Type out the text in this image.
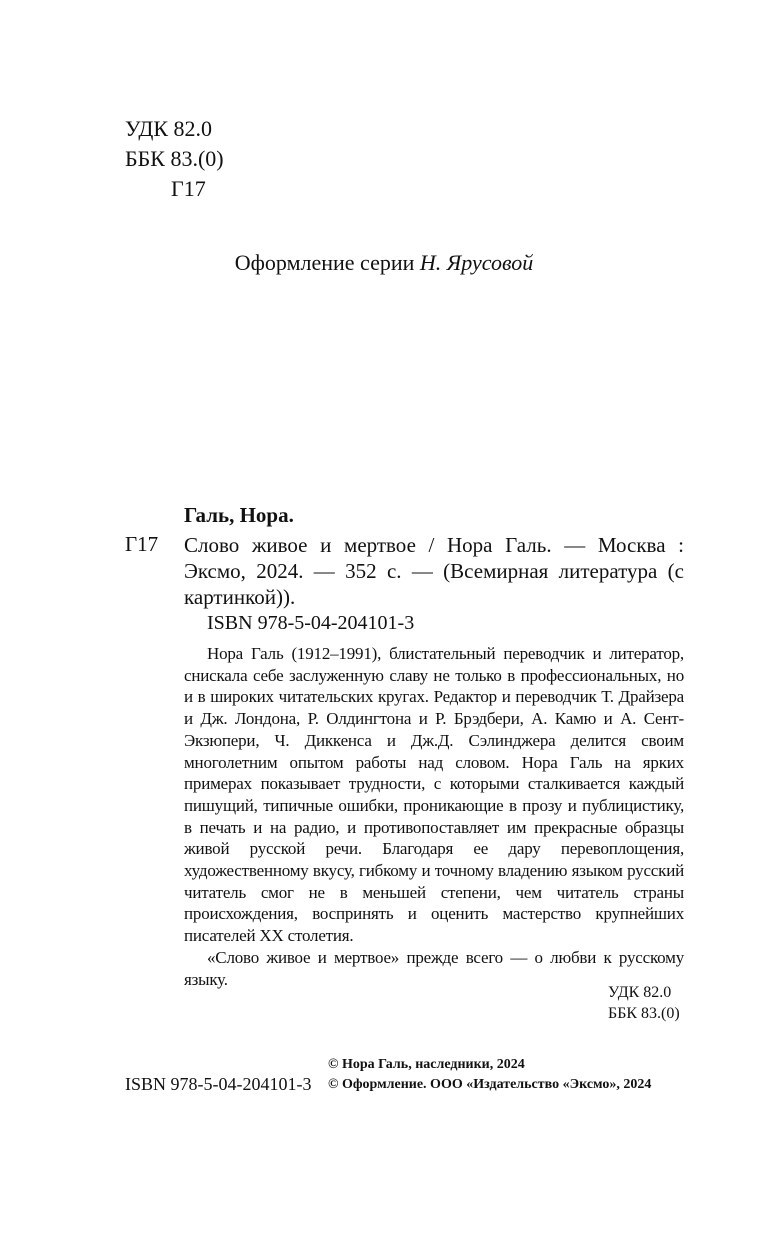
УДК 82.0
ББК 83.(0)
Г17
Оформление серии Н. Ярусовой
Галь, Нора.
Г17 Слово живое и мертвое / Нора Галь. — Москва : Эксмо, 2024. — 352 с. — (Всемирная литература (с картинкой)).
ISBN 978-5-04-204101-3

Нора Галь (1912–1991), блистательный переводчик и литератор, снискала себе заслуженную славу не только в профессиональных, но и в широких читательских кругах. Редактор и переводчик Т. Драйзера и Дж. Лондона, Р. Олдингтона и Р. Брэдбери, А. Камю и А. Сент-Экзюпери, Ч. Диккенса и Дж.Д. Сэлинджера делится своим многолетним опытом работы над словом. Нора Галь на ярких примерах показывает трудности, с которыми сталкивается каждый пишущий, типичные ошибки, проникающие в прозу и публицистику, в печать и на радио, и противопоставляет им прекрасные образцы живой русской речи. Благодаря ее дару перевоплощения, художественному вкусу, гибкому и точному владению языком русский читатель смог не в меньшей степени, чем читатель страны происхождения, воспринять и оценить мастерство крупнейших писателей XX столетия.

«Слово живое и мертвое» прежде всего — о любви к русскому языку.

УДК 82.0
ББК 83.(0)
ISBN 978-5-04-204101-3
© Нора Галь, наследники, 2024
© Оформление. ООО «Издательство «Эксмо», 2024
